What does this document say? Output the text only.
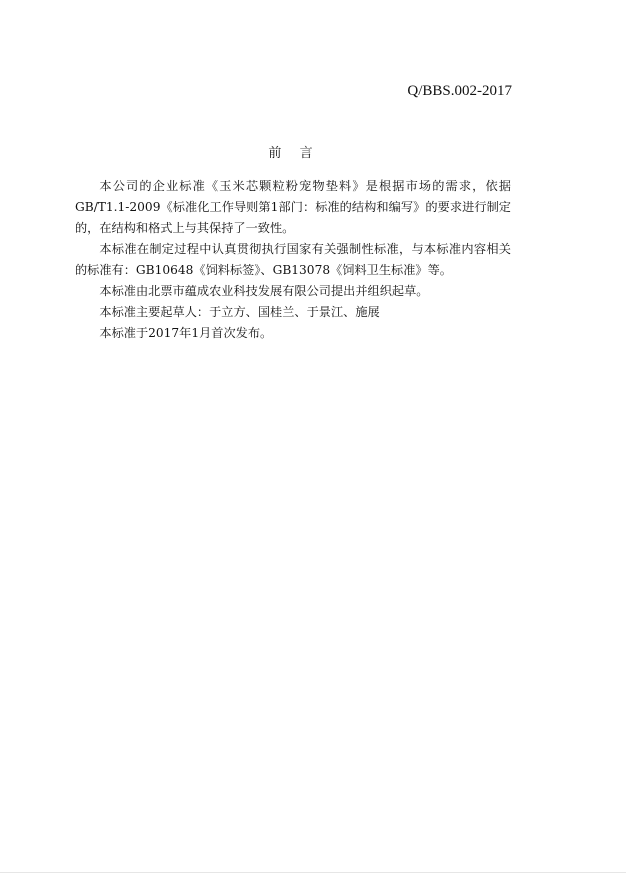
Q/BBS.002-2017
前言

本公司的企业标准《玉米芯颗粒粉宠物垫料》是根据市场的需求，依据GB/T1.1-2009《标准化工作导则第1部门：标准的结构和编写》的要求进行制定的，在结构和格式上与其保持了一致性。

本标准在制定过程中认真贯彻执行国家有关强制性标准，与本标准内容相关的标准有：GB10648《饲料标签》、GB13078《饲料卫生标准》等。

本标准由北票市蕴成农业科技发展有限公司提出并组织起草。

本标准主要起草人：于立方、国桂兰、于景江、施展

本标准于2017年1月首次发布。
